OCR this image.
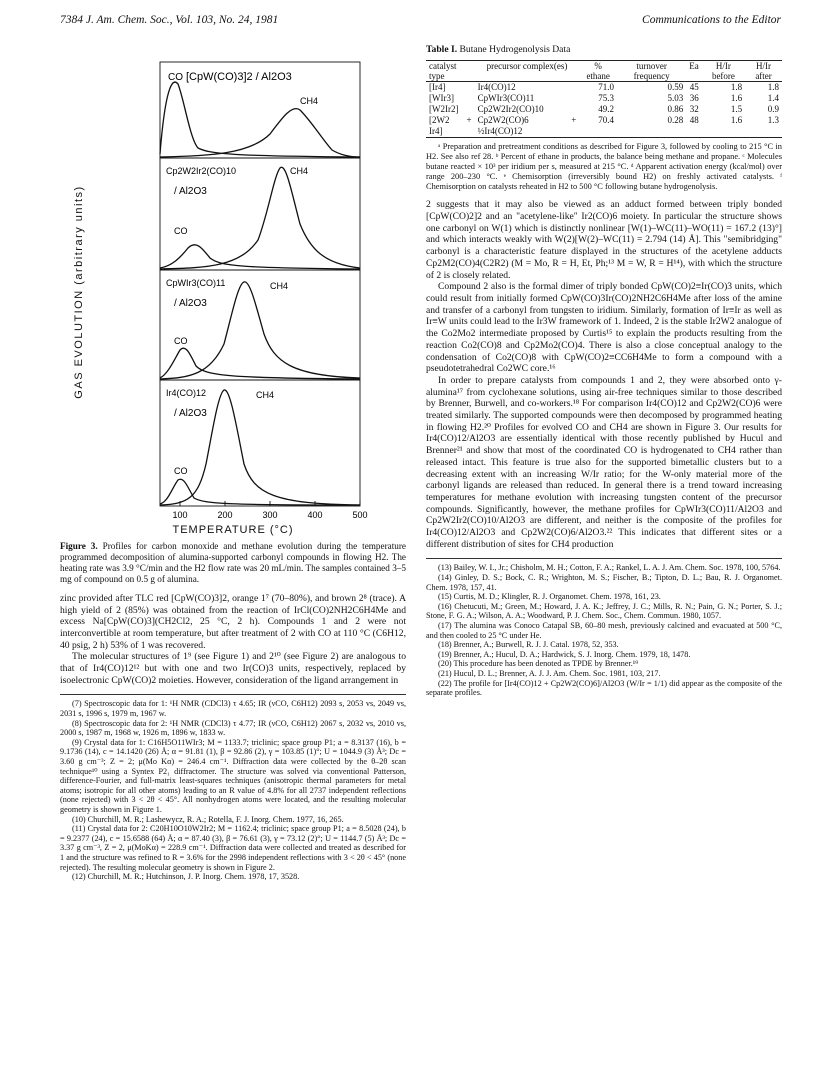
7384 J. Am. Chem. Soc., Vol. 103, No. 24, 1981	Communications to the Editor
GAS EVOLUTION (arbitrary units)
[CpW(CO)3]2 / Al2O3
CO
CH4
Cp2W2Ir2(CO)10
/ Al2O3
CO
CH4
CpWIr3(CO)11
/ Al2O3
CO
CH4
Ir4(CO)12
/ Al2O3
CO
CH4
100	200	300	400	500
TEMPERATURE (°C)
Figure 3. Profiles for carbon monoxide and methane evolution during the temperature programmed decomposition of alumina-supported carbonyl compounds in flowing H2. The heating rate was 3.9 °C/min and the H2 flow rate was 20 mL/min. The samples contained 3–5 mg of compound on 0.5 g of alumina.

zinc provided after TLC red [CpW(CO)3]2, orange 1⁷ (70–80%), and brown 2⁸ (trace). A high yield of 2 (85%) was obtained from the reaction of IrCl(CO)2NH2C6H4Me and excess Na[CpW(CO)3](CH2Cl2, 25 °C, 2 h). Compounds 1 and 2 were not interconvertible at room temperature, but after treatment of 2 with CO at 110 °C (C6H12, 40 psig, 2 h) 53% of 1 was recovered.

The molecular structures of 1⁹ (see Figure 1) and 2¹⁰ (see Figure 2) are analogous to that of Ir4(CO)12¹² but with one and two Ir(CO)3 units, respectively, replaced by isoelectronic CpW(CO)2 moieties. However, consideration of the ligand arrangement in

(7) Spectroscopic data for 1: ¹H NMR (CDCl3) τ 4.65; IR (νCO, C6H12) 2093 s, 2053 vs, 2049 vs, 2031 s, 1996 s, 1979 m, 1967 w.

(8) Spectroscopic data for 2: ¹H NMR (CDCl3) τ 4.77; IR (νCO, C6H12) 2067 s, 2032 vs, 2010 vs, 2000 s, 1987 m, 1968 w, 1926 m, 1896 w, 1833 w.

(9) Crystal data for 1: C16H5O11WIr3; M = 1133.7; triclinic; space group P1; a = 8.3137 (16), b = 9.1736 (14), c = 14.1420 (26) Å; α = 91.81 (1), β = 92.86 (2), γ = 103.85 (1)°; U = 1044.9 (3) Å³; Dc = 3.60 g cm⁻³; Z = 2; μ(Mo Kα) = 246.4 cm⁻¹. Diffraction data were collected by the θ–2θ scan technique¹⁰ using a Syntex P2₁ diffractomer. The structure was solved via conventional Patterson, difference-Fourier, and full-matrix least-squares techniques (anisotropic thermal parameters for metal atoms; isotropic for all other atoms) leading to an R value of 4.8% for all 2737 independent reflections (none rejected) with 3 < 2θ < 45°. All nonhydrogen atoms were located, and the resulting molecular geometry is shown in Figure 1.

(10) Churchill, M. R.; Lashewycz, R. A.; Rotella, F. J. Inorg. Chem. 1977, 16, 265.

(11) Crystal data for 2: C20H10O10W2Ir2; M = 1162.4; triclinic; space group P1; a = 8.5028 (24), b = 9.2377 (24), c = 15.6588 (64) Å; α = 87.40 (3), β = 76.61 (3), γ = 73.12 (2)°; U = 1144.7 (5) Å³; Dc = 3.37 g cm⁻³, Z = 2, μ(MoKα) = 228.9 cm⁻¹. Diffraction data were collected and treated as described for 1 and the structure was refined to R = 3.6% for the 2998 independent reflections with 3 < 2θ < 45° (none rejected). The resulting molecular geometry is shown in Figure 2.

(12) Churchill, M. R.; Hutchinson, J. P. Inorg. Chem. 1978, 17, 3528.

Table I. Butane Hydrogenolysis Data
catalyst type	precursor complex(es)	% ethane	turnover frequency	Ea	H/Ir before	H/Ir after
[Ir4]	Ir4(CO)12	71.0	0.59	45	1.8	1.8
[WIr3]	CpWIr3(CO)11	75.3	5.03	36	1.6	1.4
[W2Ir2]	Cp2W2Ir2(CO)10	49.2	0.86	32	1.5	0.9
[2W2 + Ir4]	Cp2W2(CO)6 + ½Ir4(CO)12	70.4	0.28	48	1.6	1.3
ᵃ Preparation and pretreatment conditions as described for Figure 3, followed by cooling to 215 °C in H2. See also ref 28. ᵇ Percent of ethane in products, the balance being methane and propane. ᶜ Molecules butane reacted × 10³ per iridium per s, measured at 215 °C. ᵈ Apparent activation energy (kcal/mol) over range 200–230 °C. ᵉ Chemisorption (irreversibly bound H2) on freshly activated catalysts. ᶠ Chemisorption on catalysts reheated in H2 to 500 °C following butane hydrogenolysis.

2 suggests that it may also be viewed as an adduct formed between triply bonded [CpW(CO)2]2 and an "acetylene-like" Ir2(CO)6 moiety. In particular the structure shows one carbonyl on W(1) which is distinctly nonlinear [W(1)–WC(11)–WO(11) = 167.2 (13)°] and which interacts weakly with W(2)[W(2)–WC(11) = 2.794 (14) Å]. This "semibridging" carbonyl is a characteristic feature displayed in the structures of the acetylene adducts Cp2M2(CO)4(C2R2) (M = Mo, R = H, Et, Ph;¹³ M = W, R = H¹⁴), with which the structure of 2 is closely related.

Compound 2 also is the formal dimer of triply bonded CpW(CO)2≡Ir(CO)3 units, which could result from initially formed CpW(CO)3Ir(CO)2NH2C6H4Me after loss of the amine and transfer of a carbonyl from tungsten to iridium. Similarly, formation of Ir≡Ir as well as Ir≡W units could lead to the Ir3W framework of 1. Indeed, 2 is the stable Ir2W2 analogue of the Co2Mo2 intermediate proposed by Curtis¹⁵ to explain the products resulting from the reaction Co2(CO)8 and Cp2Mo2(CO)4. There is also a close conceptual analogy to the condensation of Co2(CO)8 with CpW(CO)2≡CC6H4Me to form a compound with a pseudotetrahedral Co2WC core.¹⁶

In order to prepare catalysts from compounds 1 and 2, they were absorbed onto γ-alumina¹⁷ from cyclohexane solutions, using air-free techniques similar to those described by Brenner, Burwell, and co-workers.¹⁸ For comparison Ir4(CO)12 and Cp2W2(CO)6 were treated similarly. The supported compounds were then decomposed by programmed heating in flowing H2.²⁰ Profiles for evolved CO and CH4 are shown in Figure 3. Our results for Ir4(CO)12/Al2O3 are essentially identical with those recently published by Hucul and Brenner²¹ and show that most of the coordinated CO is hydrogenated to CH4 rather than released intact. This feature is true also for the supported bimetallic clusters but to a decreasing extent with an increasing W/Ir ratio; for the W-only material more of the carbonyl ligands are released than reduced. In general there is a trend toward increasing temperatures for methane evolution with increasing tungsten content of the precursor compounds. Significantly, however, the methane profiles for CpWIr3(CO)11/Al2O3 and Cp2W2Ir2(CO)10/Al2O3 are different, and neither is the composite of the profiles for Ir4(CO)12/Al2O3 and Cp2W2(CO)6/Al2O3.²² This indicates that different sites or a different distribution of sites for CH4 production

(13) Bailey, W. I., Jr.; Chisholm, M. H.; Cotton, F. A.; Rankel, L. A. J. Am. Chem. Soc. 1978, 100, 5764.

(14) Ginley, D. S.; Bock, C. R.; Wrighton, M. S.; Fischer, B.; Tipton, D. L.; Bau, R. J. Organomet. Chem. 1978, 157, 41.

(15) Curtis, M. D.; Klingler, R. J. Organomet. Chem. 1978, 161, 23.

(16) Chetucuti, M.; Green, M.; Howard, J. A. K.; Jeffrey, J. C.; Mills, R. N.; Pain, G. N.; Porter, S. J.; Stone, F. G. A.; Wilson, A. A.; Woodward, P. J. Chem. Soc., Chem. Commun. 1980, 1057.

(17) The alumina was Conoco Catapal SB, 60–80 mesh, previously calcined and evacuated at 500 °C, and then cooled to 25 °C under He.

(18) Brenner, A.; Burwell, R. J. J. Catal. 1978, 52, 353.

(19) Brenner, A.; Hucul, D. A.; Hardwick, S. J. Inorg. Chem. 1979, 18, 1478.

(20) This procedure has been denoted as TPDE by Brenner.¹⁹

(21) Hucul, D. L.; Brenner, A. J. J. Am. Chem. Soc. 1981, 103, 217.

(22) The profile for [Ir4(CO)12 + Cp2W2(CO)6]/Al2O3 (W/Ir = 1/1) did appear as the composite of the separate profiles.
